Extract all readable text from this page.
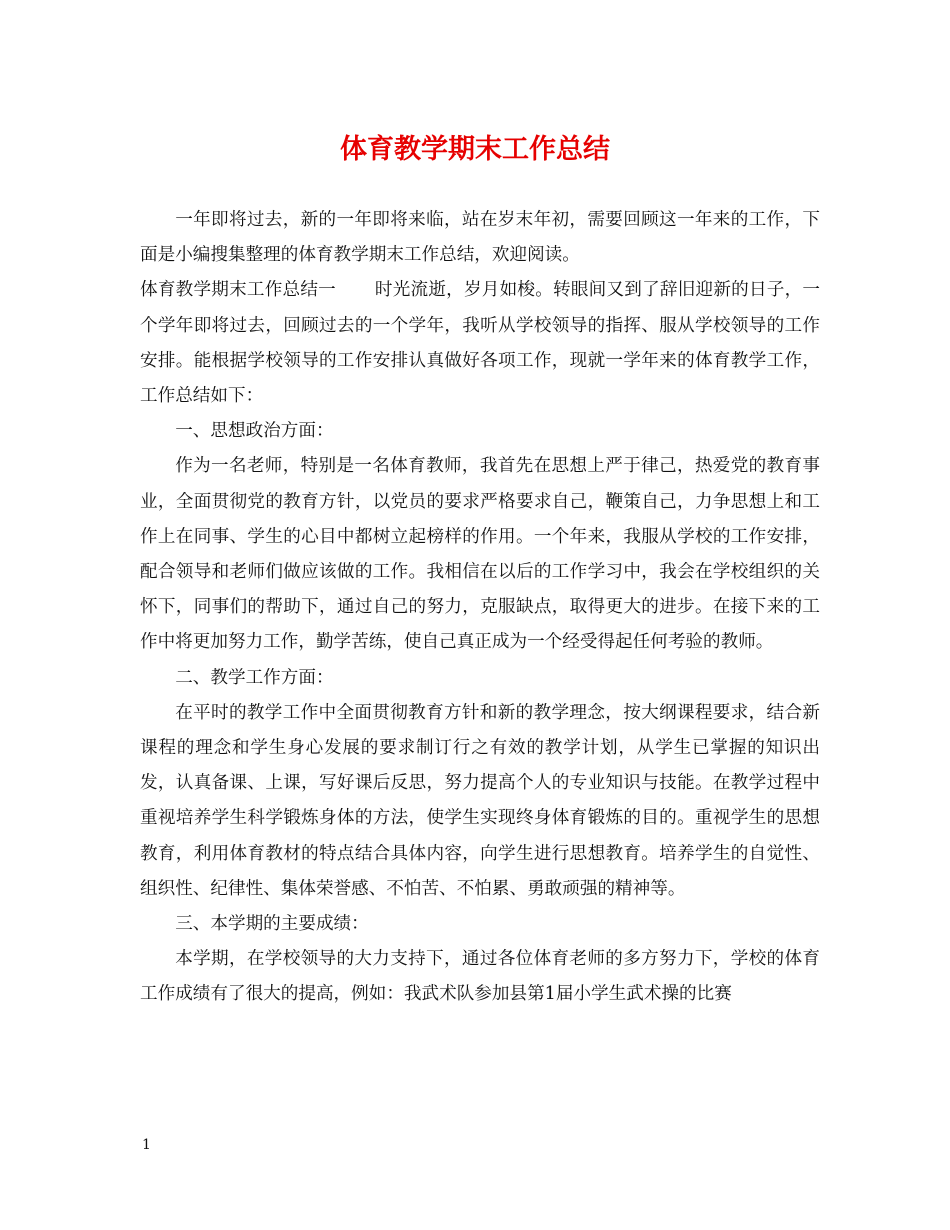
体育教学期末工作总结

一年即将过去，新的一年即将来临，站在岁末年初，需要回顾这一年来的工作，下面是小编搜集整理的体育教学期末工作总结，欢迎阅读。

体育教学期末工作总结一 时光流逝，岁月如梭。转眼间又到了辞旧迎新的日子，一个学年即将过去，回顾过去的一个学年，我听从学校领导的指挥、服从学校领导的工作安排。能根据学校领导的工作安排认真做好各项工作，现就一学年来的体育教学工作，工作总结如下：

一、思想政治方面：

作为一名老师，特别是一名体育教师，我首先在思想上严于律己，热爱党的教育事业，全面贯彻党的教育方针，以党员的要求严格要求自己，鞭策自己，力争思想上和工作上在同事、学生的心目中都树立起榜样的作用。一个年来，我服从学校的工作安排，配合领导和老师们做应该做的工作。我相信在以后的工作学习中，我会在学校组织的关怀下，同事们的帮助下，通过自己的努力，克服缺点，取得更大的进步。在接下来的工作中将更加努力工作，勤学苦练，使自己真正成为一个经受得起任何考验的教师。

二、教学工作方面：

在平时的教学工作中全面贯彻教育方针和新的教学理念，按大纲课程要求，结合新课程的理念和学生身心发展的要求制订行之有效的教学计划，从学生已掌握的知识出发，认真备课、上课，写好课后反思，努力提高个人的专业知识与技能。在教学过程中重视培养学生科学锻炼身体的方法，使学生实现终身体育锻炼的目的。重视学生的思想教育，利用体育教材的特点结合具体内容，向学生进行思想教育。培养学生的自觉性、组织性、纪律性、集体荣誉感、不怕苦、不怕累、勇敢顽强的精神等。

三、本学期的主要成绩：

本学期，在学校领导的大力支持下，通过各位体育老师的多方努力下，学校的体育工作成绩有了很大的提高，例如：我武术队参加县第1届小学生武术操的比赛

1
